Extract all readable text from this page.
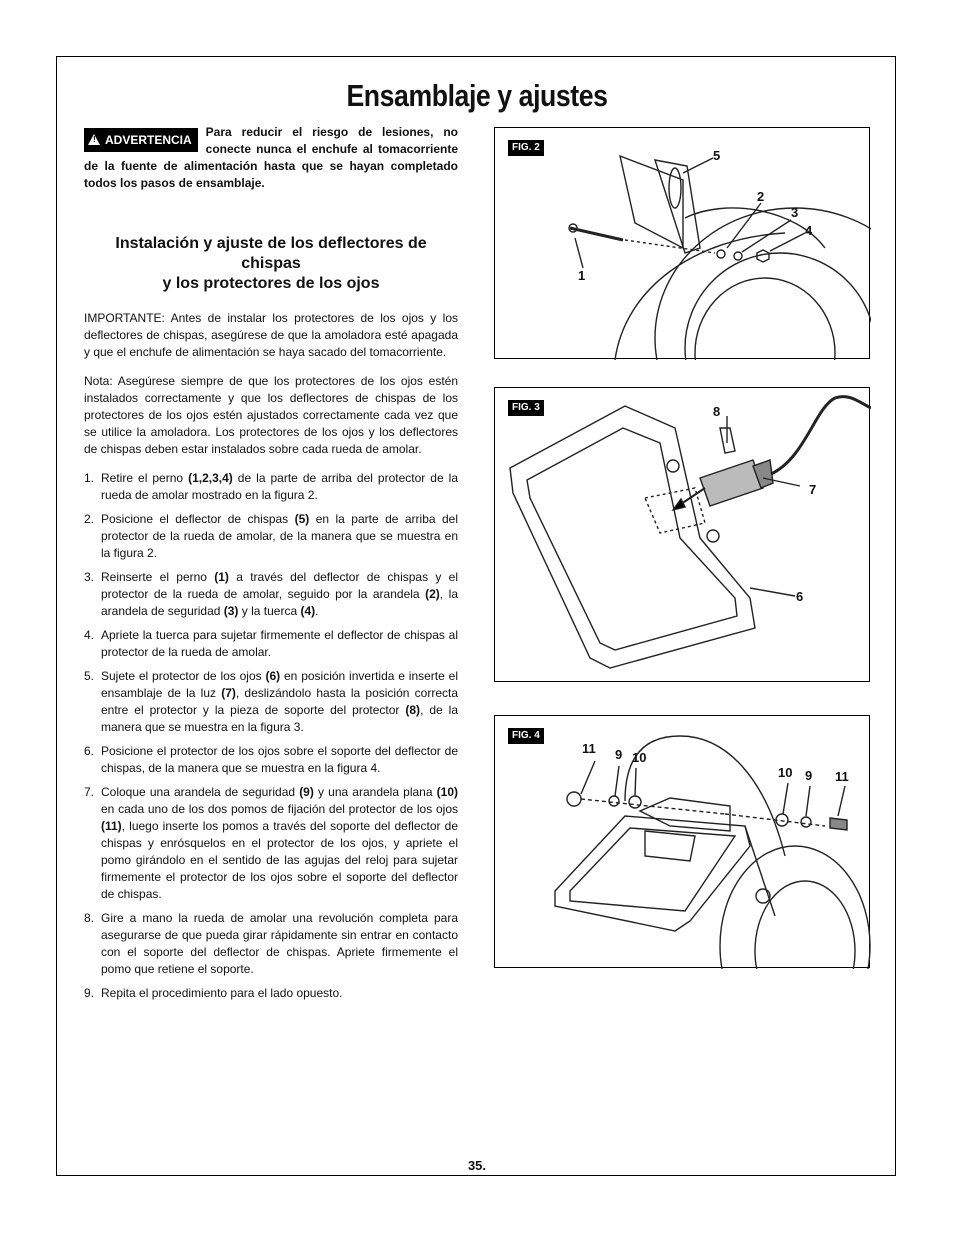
Ensamblaje y ajustes
! ADVERTENCIA
Para reducir el riesgo de lesiones, no conecte nunca el enchufe al tomacorriente de la fuente de alimentación hasta que se hayan completado todos los pasos de ensamblaje.
Instalación y ajuste de los deflectores de chispas
y los protectores de los ojos

IMPORTANTE: Antes de instalar los protectores de los ojos y los deflectores de chispas, asegúrese de que la amoladora esté apagada y que el enchufe de alimentación se haya sacado del tomacorriente.

Nota: Asegúrese siempre de que los protectores de los ojos estén instalados correctamente y que los deflectores de chispas de los protectores de los ojos estén ajustados correctamente cada vez que se utilice la amoladora. Los protectores de los ojos y los deflectores de chispas deben estar instalados sobre cada rueda de amolar.

1. Retire el perno (1,2,3,4) de la parte de arriba del protector de la rueda de amolar mostrado en la figura 2.
2. Posicione el deflector de chispas (5) en la parte de arriba del protector de la rueda de amolar, de la manera que se muestra en la figura 2.
3. Reinserte el perno (1) a través del deflector de chispas y el protector de la rueda de amolar, seguido por la arandela (2), la arandela de seguridad (3) y la tuerca (4).
4. Apriete la tuerca para sujetar firmemente el deflector de chispas al protector de la rueda de amolar.
5. Sujete el protector de los ojos (6) en posición invertida e inserte el ensamblaje de la luz (7), deslizándolo hasta la posición correcta entre el protector y la pieza de soporte del protector (8), de la manera que se muestra en la figura 3.
6. Posicione el protector de los ojos sobre el soporte del deflector de chispas, de la manera que se muestra en la figura 4.
7. Coloque una arandela de seguridad (9) y una arandela plana (10) en cada uno de los dos pomos de fijación del protector de los ojos (11), luego inserte los pomos a través del soporte del deflector de chispas y enrósquelos en el protector de los ojos, y apriete el pomo girándolo en el sentido de las agujas del reloj para sujetar firmemente el protector de los ojos sobre el soporte del deflector de chispas.
8. Gire a mano la rueda de amolar una revolución completa para asegurarse de que pueda girar rápidamente sin entrar en contacto con el soporte del deflector de chispas. Apriete firmemente el pomo que retiene el soporte.
9. Repita el procedimiento para el lado opuesto.
FIG. 2
5
2
3
4
1
FIG. 3	8
7
6
FIG. 4
11 9 10
10 9 11
35.
